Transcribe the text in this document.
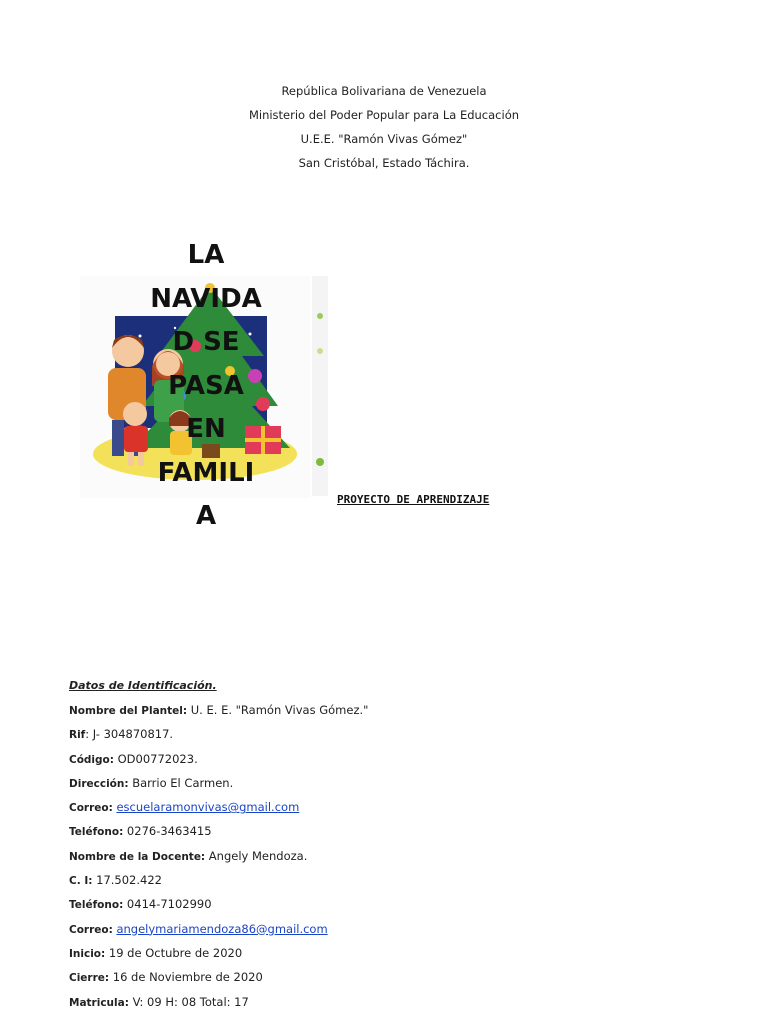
República Bolivariana de Venezuela

Ministerio del Poder Popular para La Educación

U.E.E. "Ramón Vivas Gómez"

San Cristóbal, Estado Táchira.

LA
NAVIDA
D SE
PASA
EN
FAMILI
A
PROYECTO DE APRENDIZAJE
Datos de Identificación.
Nombre del Plantel: U. E. E. "Ramón Vivas Gómez."
Rif: J- 304870817.
Código: OD00772023.
Dirección: Barrio El Carmen.
Correo: escuelaramonvivas@gmail.com
Teléfono: 0276-3463415
Nombre de la Docente: Angely Mendoza.
C. I: 17.502.422
Teléfono: 0414-7102990
Correo: angelymariamendoza86@gmail.com
Inicio: 19 de Octubre de 2020
Cierre: 16 de Noviembre de 2020
Matricula: V: 09 H: 08 Total: 17
